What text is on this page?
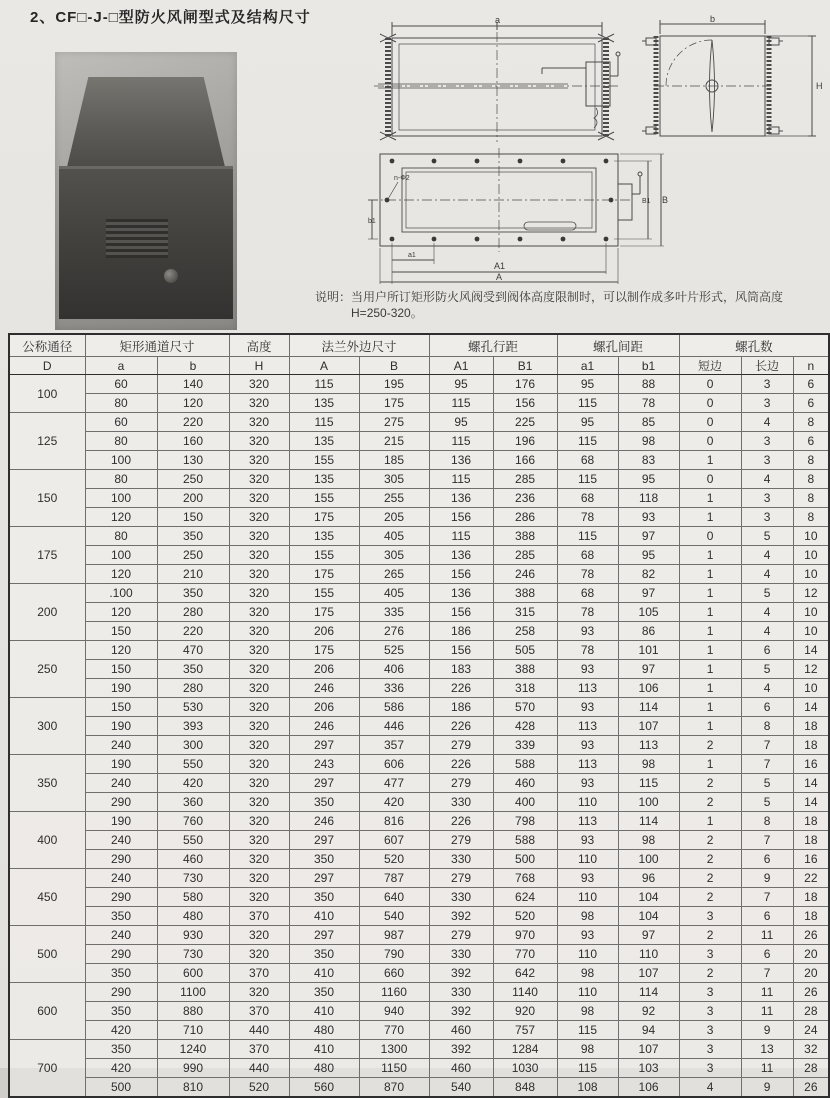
2、CF□-J-□型防火风闸型式及结构尺寸	a	b
H
n-Φ2
a1
A1
A
B1 B
b1
说明： 当用户所订矩形防火风阀受到阀体高度限制时，可以制作成多叶片形式，风筒高度H=250-320。
公称通径	矩形通道尺寸		高度	法兰外边尺寸		螺孔行距		螺孔间距		螺孔数		
D	a	b	H	A	B	A1	B1	a1	b1	短边	长边	n
100	60	140	320	115	195	95	176	95	88	0	3	6
	80	120	320	135	175	115	156	115	78	0	3	6
125	60	220	320	115	275	95	225	95	85	0	4	8
	80	160	320	135	215	115	196	115	98	0	3	6
	100	130	320	155	185	136	166	68	83	1	3	8
150	80	250	320	135	305	115	285	115	95	0	4	8
	100	200	320	155	255	136	236	68	118	1	3	8
	120	150	320	175	205	156	286	78	93	1	3	8
175	80	350	320	135	405	115	388	115	97	0	5	10
	100	250	320	155	305	136	285	68	95	1	4	10
	120	210	320	175	265	156	246	78	82	1	4	10
200	.100	350	320	155	405	136	388	68	97	1	5	12
	120	280	320	175	335	156	315	78	105	1	4	10
	150	220	320	206	276	186	258	93	86	1	4	10
250	120	470	320	175	525	156	505	78	101	1	6	14
	150	350	320	206	406	183	388	93	97	1	5	12
	190	280	320	246	336	226	318	113	106	1	4	10
300	150	530	320	206	586	186	570	93	114	1	6	14
	190	393	320	246	446	226	428	113	107	1	8	18
	240	300	320	297	357	279	339	93	113	2	7	18
350	190	550	320	243	606	226	588	113	98	1	7	16
	240	420	320	297	477	279	460	93	115	2	5	14
	290	360	320	350	420	330	400	110	100	2	5	14
400	190	760	320	246	816	226	798	113	114	1	8	18
	240	550	320	297	607	279	588	93	98	2	7	18
	290	460	320	350	520	330	500	110	100	2	6	16
450	240	730	320	297	787	279	768	93	96	2	9	22
	290	580	320	350	640	330	624	110	104	2	7	18
	350	480	370	410	540	392	520	98	104	3	6	18
500	240	930	320	297	987	279	970	93	97	2	11	26
	290	730	320	350	790	330	770	110	110	3	6	20
	350	600	370	410	660	392	642	98	107	2	7	20
600	290	1100	320	350	1160	330	1140	110	114	3	11	26
	350	880	370	410	940	392	920	98	92	3	11	28
	420	710	440	480	770	460	757	115	94	3	9	24
700	350	1240	370	410	1300	392	1284	98	107	3	13	32
	420	990	440	480	1150	460	1030	115	103	3	11	28
	500	810	520	560	870	540	848	108	106	4	9	26
